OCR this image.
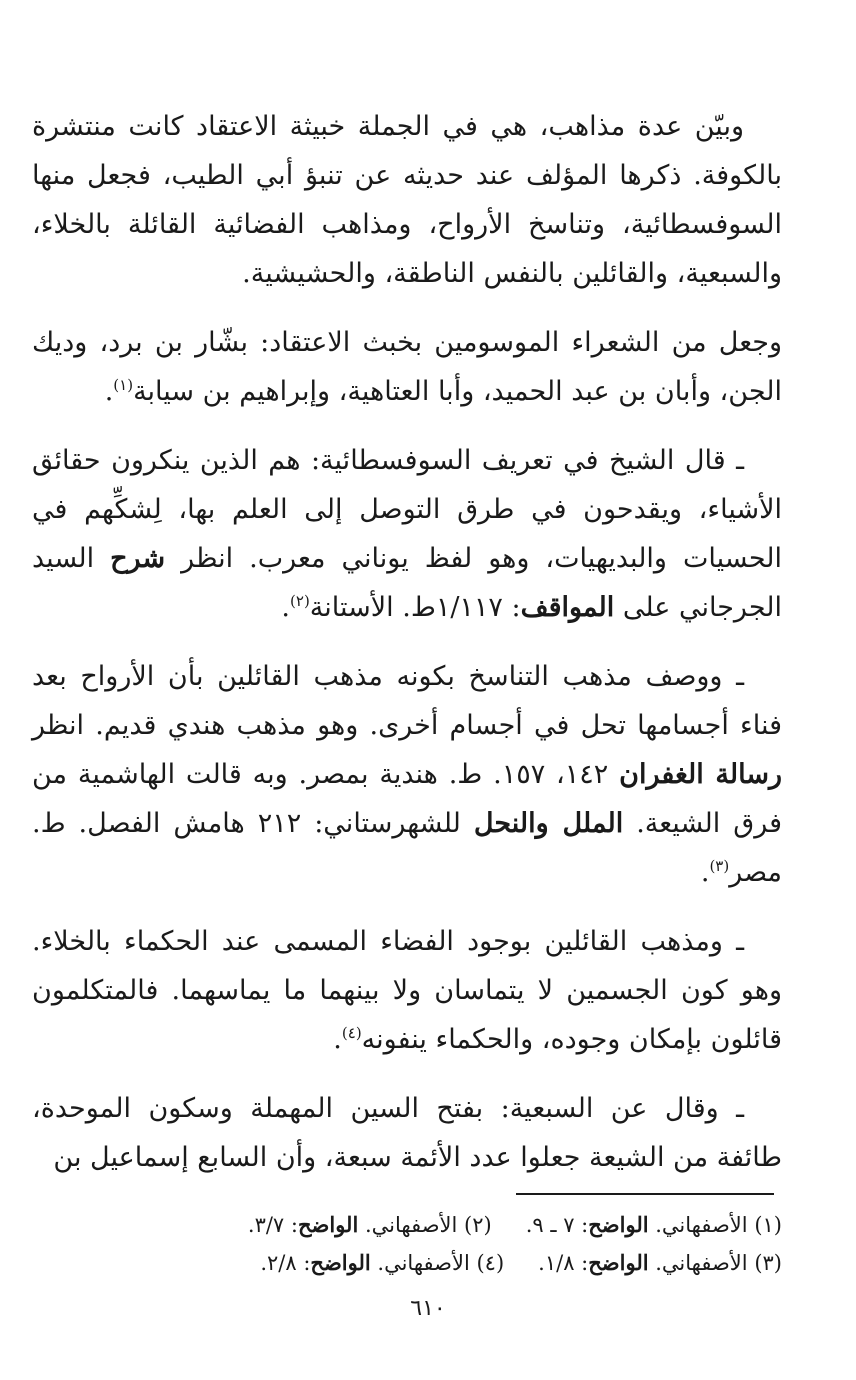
وبيّن عدة مذاهب، هي في الجملة خبيثة الاعتقاد كانت منتشرة بالكوفة. ذكرها المؤلف عند حديثه عن تنبؤ أبي الطيب، فجعل منها السوفسطائية، وتناسخ الأرواح، ومذاهب الفضائية القائلة بالخلاء، والسبعية، والقائلين بالنفس الناطقة، والحشيشية.

وجعل من الشعراء الموسومين بخبث الاعتقاد: بشّار بن برد، وديك الجن، وأبان بن عبد الحميد، وأبا العتاهية، وإبراهيم بن سيابة$^{(١)}$.

ـ قال الشيخ في تعريف السوفسطائية: هم الذين ينكرون حقائق الأشياء، ويقدحون في طرق التوصل إلى العلم بها، لِشكِّهم في الحسيات والبديهيات، وهو لفظ يوناني معرب. انظر شرح السيد الجرجاني على المواقف: ١/١١٧ط. الأستانة$^{(٢)}$.

ـ ووصف مذهب التناسخ بكونه مذهب القائلين بأن الأرواح بعد فناء أجسامها تحل في أجسام أخرى. وهو مذهب هندي قديم. انظر رسالة الغفران ١٤٢، ١٥٧. ط. هندية بمصر. وبه قالت الهاشمية من فرق الشيعة. الملل والنحل للشهرستاني: ٢١٢ هامش الفصل. ط. مصر$^{(٣)}$.

ـ ومذهب القائلين بوجود الفضاء المسمى عند الحكماء بالخلاء. وهو كون الجسمين لا يتماسان ولا بينهما ما يماسهما. فالمتكلمون قائلون بإمكان وجوده، والحكماء ينفونه$^{(٤)}$.

ـ وقال عن السبعية: بفتح السين المهملة وسكون الموحدة، طائفة من الشيعة جعلوا عدد الأئمة سبعة، وأن السابع إسماعيل بن

(١) الأصفهاني. الواضح: ٧ ـ ٩.
(٢) الأصفهاني. الواضح: ٣/٧.
(٣) الأصفهاني. الواضح: ١/٨.
(٤) الأصفهاني. الواضح: ٢/٨.
٦١٠
